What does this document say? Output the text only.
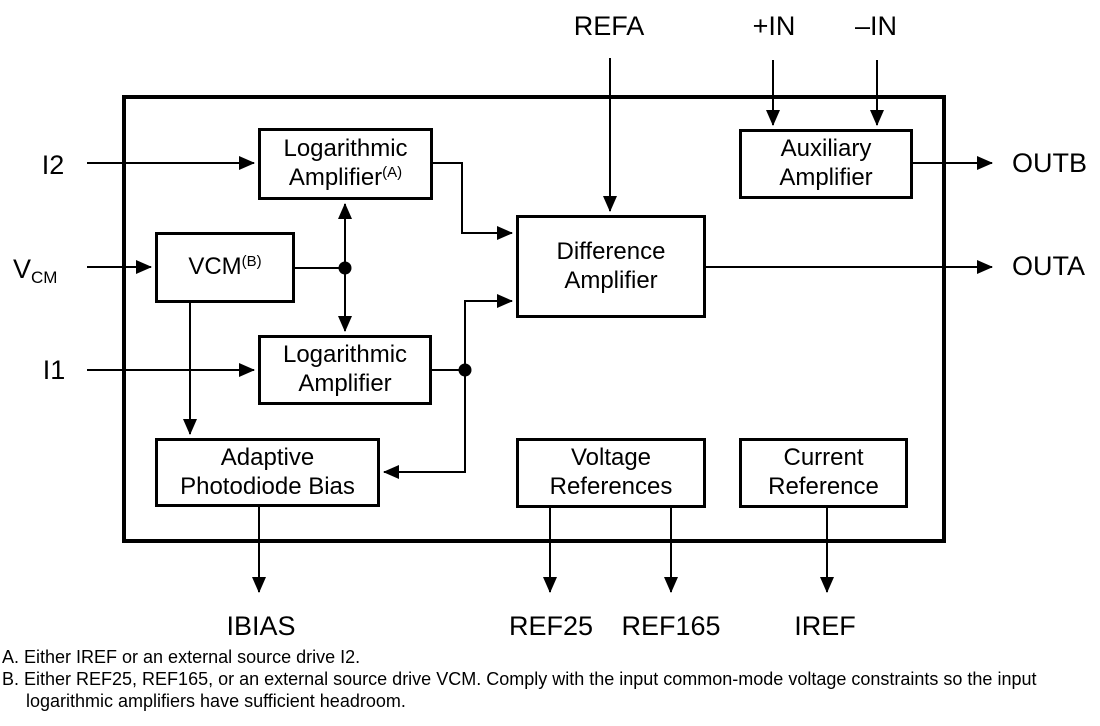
Logarithmic
Amplifier$^{(A)}$
$VCM^{(B)}$
Logarithmic
Amplifier
Adaptive
Photodiode Bias
Difference
Amplifier
Auxiliary
Amplifier
Voltage
References
Current
Reference
REFA	+IN –IN
I2
VCM
I1
OUTB
OUTA
IBIAS	REF25 REF165	IREF
A. Either IREF or an external source drive I2.
B. Either REF25, REF165, or an external source drive VCM. Comply with the input common-mode voltage constraints so the input logarithmic amplifiers have sufficient headroom.
